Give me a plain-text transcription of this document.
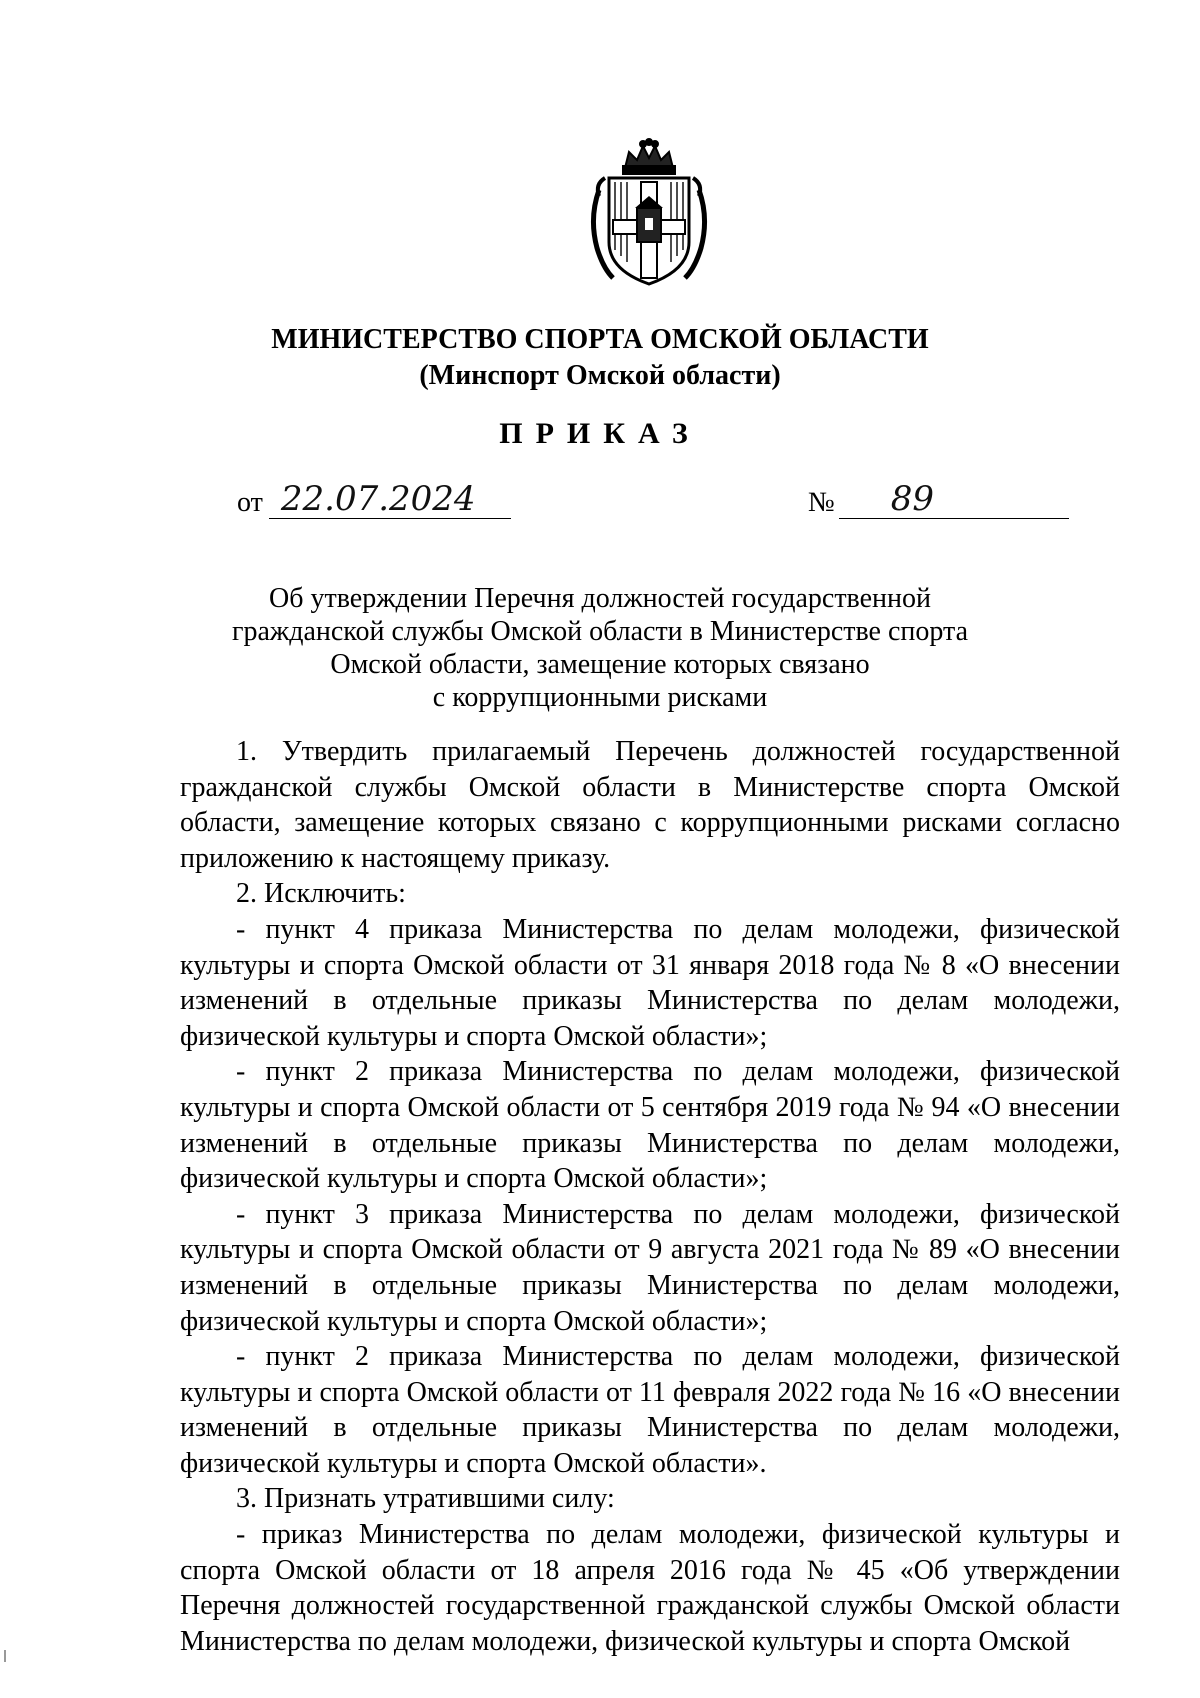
МИНИСТЕРСТВО СПОРТА ОМСКОЙ ОБЛАСТИ
(Минспорт Омской области)
ПРИКАЗ
от 22.07.2024	№	89
Об утверждении Перечня должностей государственной
гражданской службы Омской области в Министерстве спорта
Омской области, замещение которых связано
с коррупционными рисками

1. Утвердить прилагаемый Перечень должностей государственной гражданской службы Омской области в Министерстве спорта Омской области, замещение которых связано с коррупционными рисками согласно приложению к настоящему приказу.

2. Исключить:

- пункт 4 приказа Министерства по делам молодежи, физической культуры и спорта Омской области от 31 января 2018 года № 8 «О внесении изменений в отдельные приказы Министерства по делам молодежи, физической культуры и спорта Омской области»;

- пункт 2 приказа Министерства по делам молодежи, физической культуры и спорта Омской области от 5 сентября 2019 года № 94 «О внесении изменений в отдельные приказы Министерства по делам молодежи, физической культуры и спорта Омской области»;

- пункт 3 приказа Министерства по делам молодежи, физической культуры и спорта Омской области от 9 августа 2021 года № 89 «О внесении изменений в отдельные приказы Министерства по делам молодежи, физической культуры и спорта Омской области»;

- пункт 2 приказа Министерства по делам молодежи, физической культуры и спорта Омской области от 11 февраля 2022 года № 16 «О внесении изменений в отдельные приказы Министерства по делам молодежи, физической культуры и спорта Омской области».

3. Признать утратившими силу:

- приказ Министерства по делам молодежи, физической культуры и спорта Омской области от 18 апреля 2016 года № 45 «Об утверждении Перечня должностей государственной гражданской службы Омской области Министерства по делам молодежи, физической культуры и спорта Омской
